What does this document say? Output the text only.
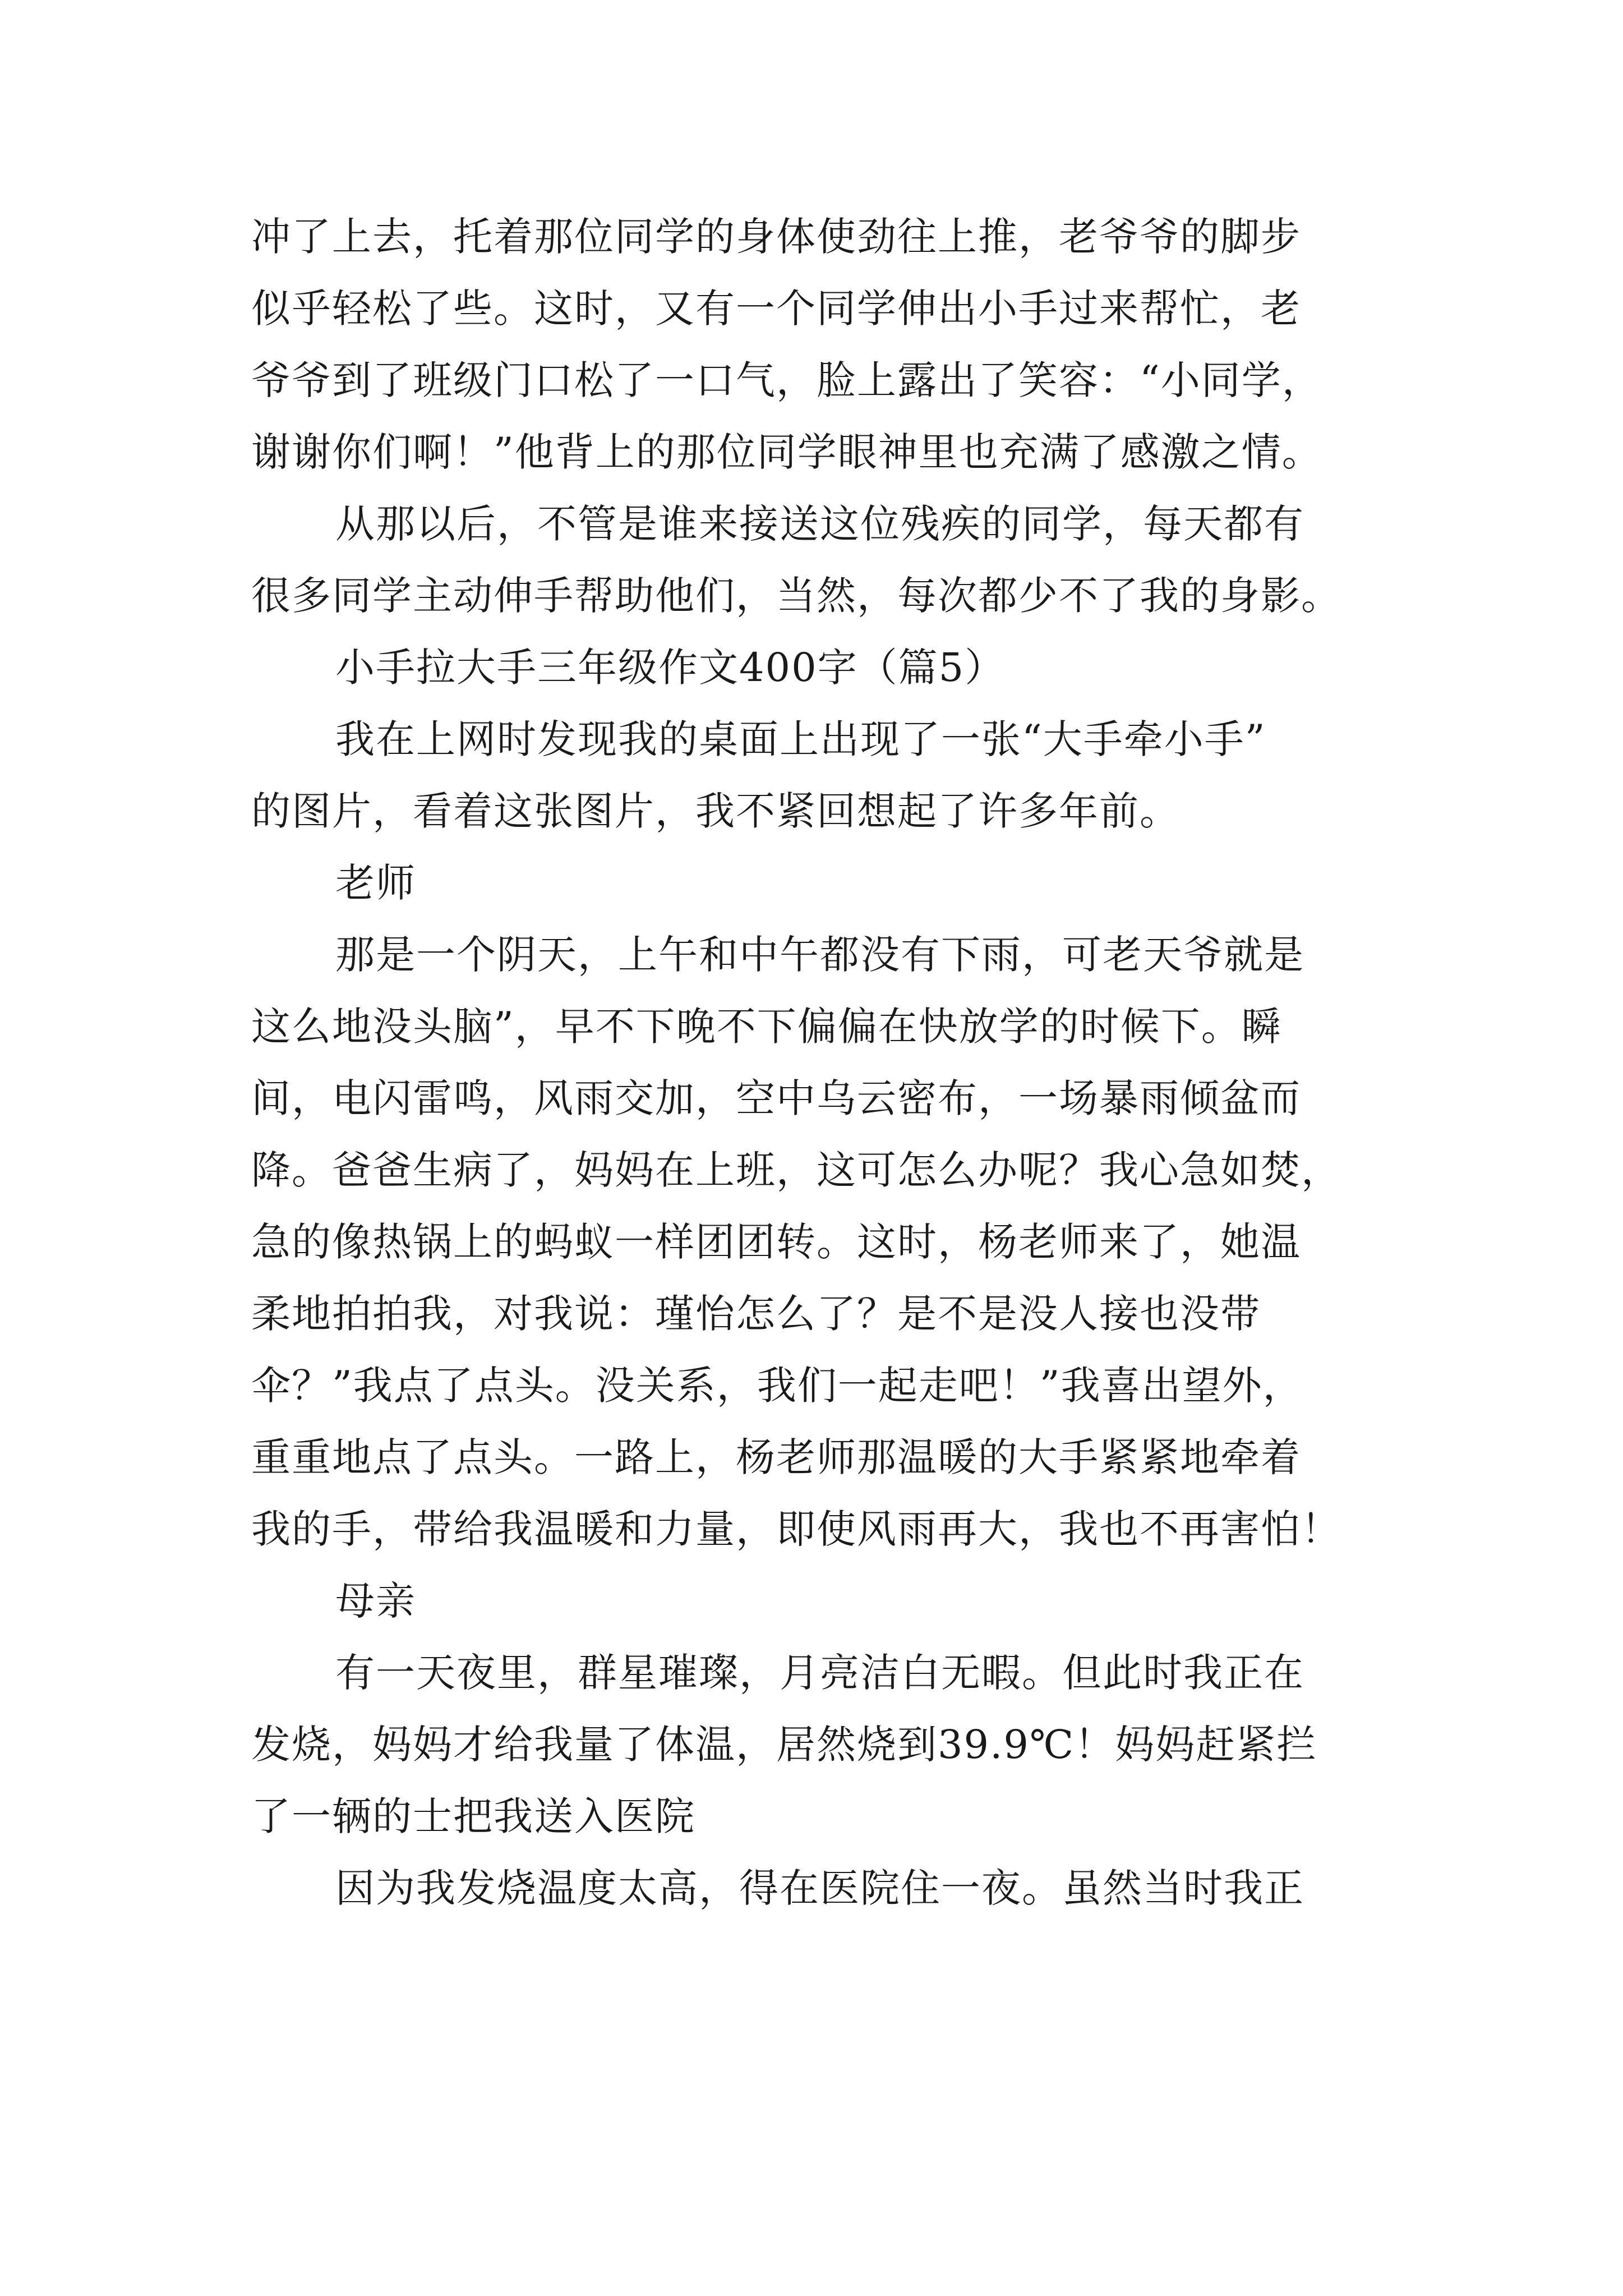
冲了上去，托着那位同学的身体使劲往上推，老爷爷的脚步
似乎轻松了些。这时，又有一个同学伸出小手过来帮忙，老
爷爷到了班级门口松了一口气，脸上露出了笑容：“小同学，
谢谢你们啊！”他背上的那位同学眼神里也充满了感激之情。
从那以后，不管是谁来接送这位残疾的同学，每天都有
很多同学主动伸手帮助他们，当然，每次都少不了我的身影。
小手拉大手三年级作文400字（篇5）
我在上网时发现我的桌面上出现了一张“大手牵小手”
的图片，看着这张图片，我不紧回想起了许多年前。
老师
那是一个阴天，上午和中午都没有下雨，可老天爷就是
这么地没头脑”，早不下晚不下偏偏在快放学的时候下。瞬
间，电闪雷鸣，风雨交加，空中乌云密布，一场暴雨倾盆而
降。爸爸生病了，妈妈在上班，这可怎么办呢？我心急如焚，
急的像热锅上的蚂蚁一样团团转。这时，杨老师来了，她温
柔地拍拍我，对我说：瑾怡怎么了？是不是没人接也没带
伞？”我点了点头。没关系，我们一起走吧！”我喜出望外，
重重地点了点头。一路上，杨老师那温暖的大手紧紧地牵着
我的手，带给我温暖和力量，即使风雨再大，我也不再害怕！
母亲
有一天夜里，群星璀璨，月亮洁白无暇。但此时我正在
发烧，妈妈才给我量了体温，居然烧到39.9℃！妈妈赶紧拦
了一辆的士把我送入医院
因为我发烧温度太高，得在医院住一夜。虽然当时我正
